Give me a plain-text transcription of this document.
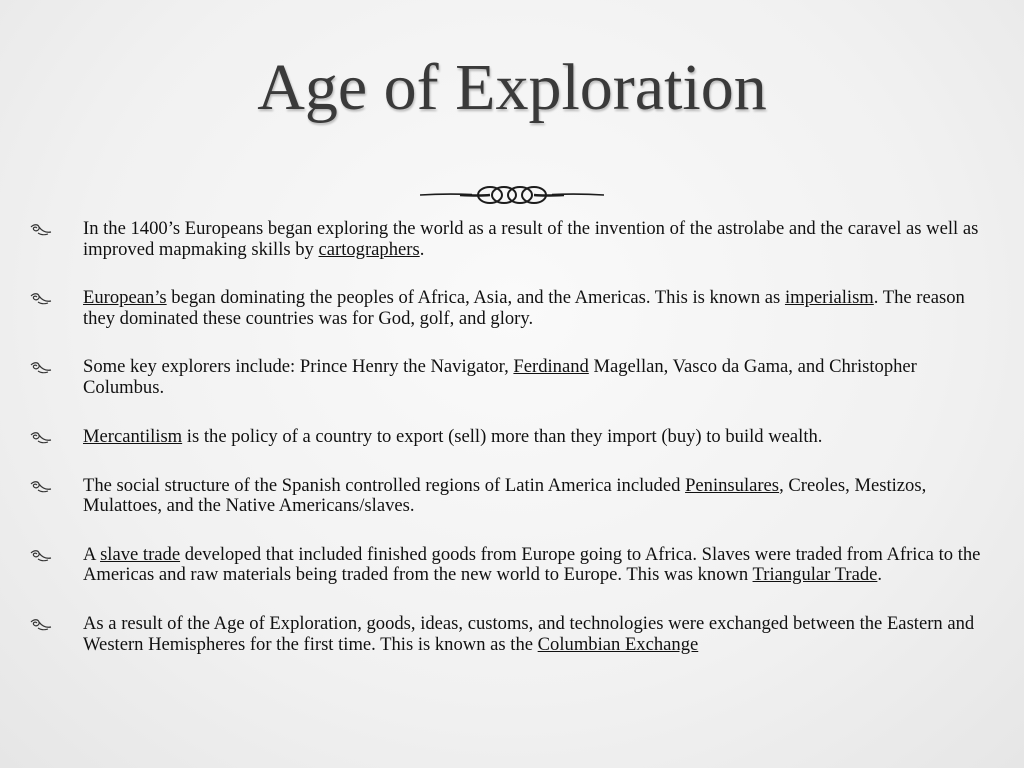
Age of Exploration
In the 1400’s Europeans began exploring the world as a result of the invention of the astrolabe and the caravel as well as improved mapmaking skills by cartographers.
European’s began dominating the peoples of Africa, Asia, and the Americas. This is known as imperialism. The reason they dominated these countries was for God, golf, and glory.
Some key explorers include: Prince Henry the Navigator, Ferdinand Magellan, Vasco da Gama, and Christopher Columbus.
Mercantilism is the policy of a country to export (sell) more than they import (buy) to build wealth.
The social structure of the Spanish controlled regions of Latin America included Peninsulares, Creoles, Mestizos, Mulattoes, and the Native Americans/slaves.
A slave trade developed that included finished goods from Europe going to Africa. Slaves were traded from Africa to the Americas and raw materials being traded from the new world to Europe. This was known Triangular Trade.
As a result of the Age of Exploration, goods, ideas, customs, and technologies were exchanged between the Eastern and Western Hemispheres for the first time. This is known as the Columbian Exchange
